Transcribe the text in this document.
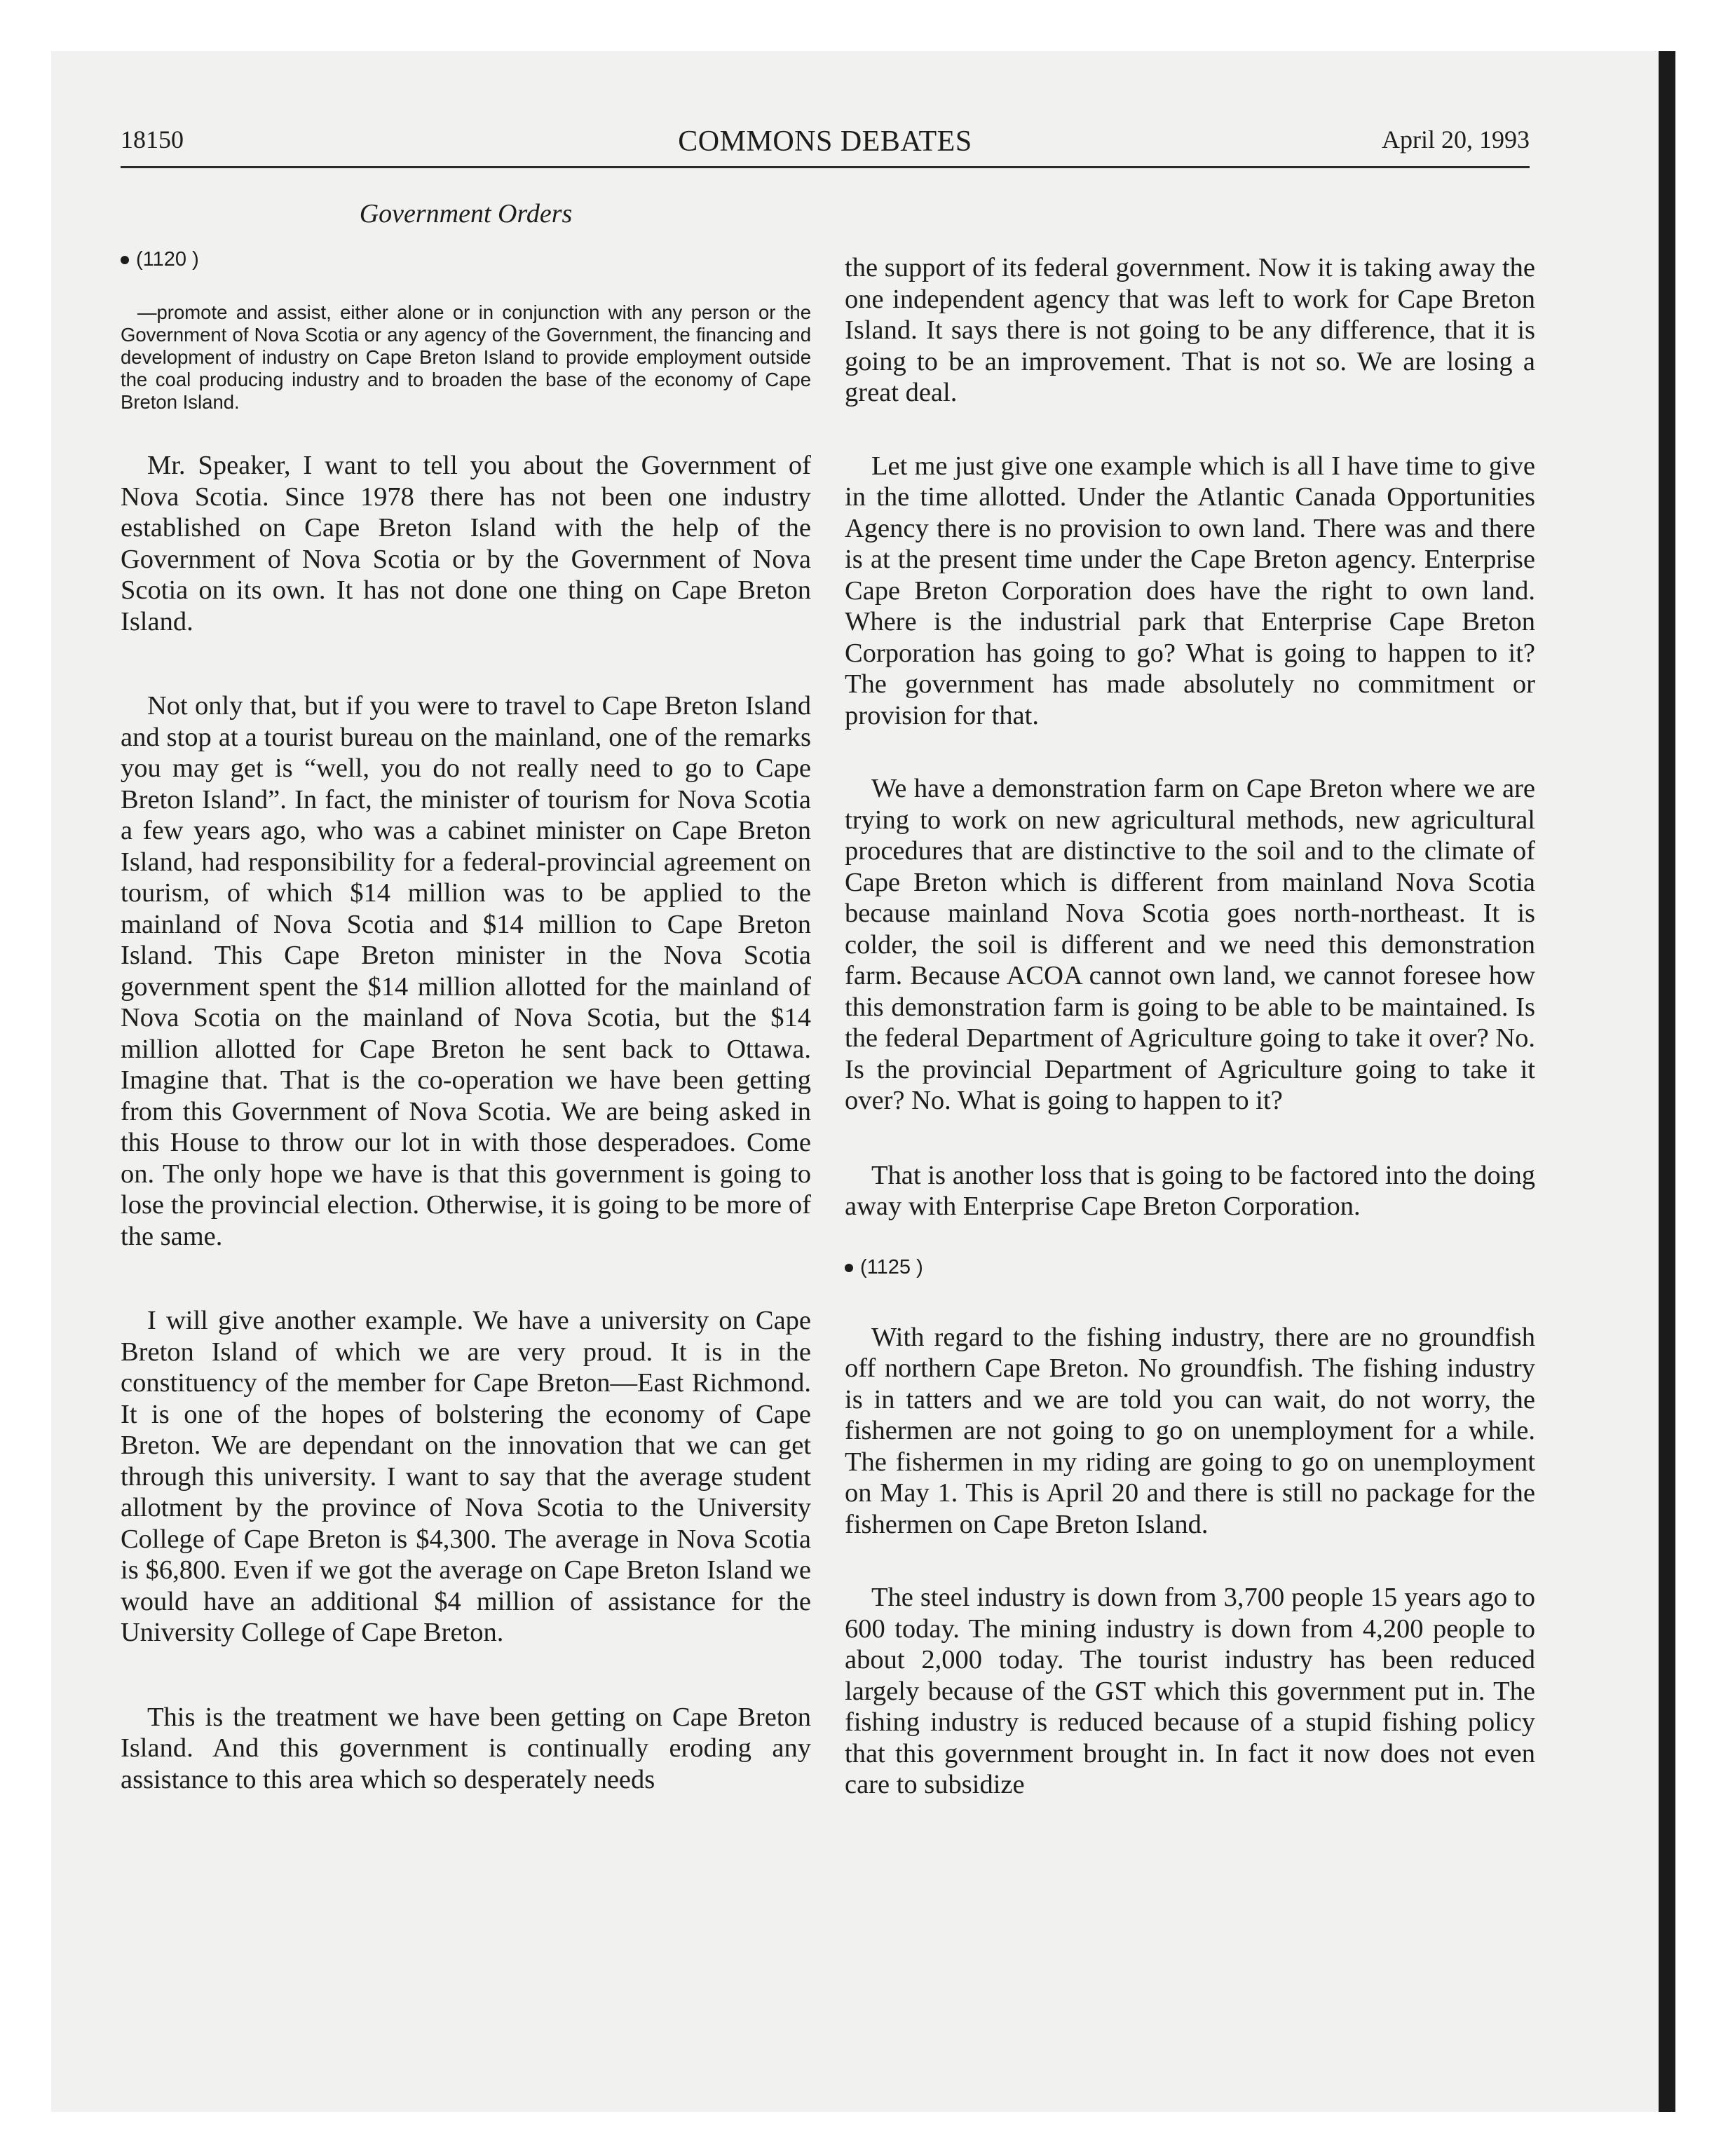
18150	COMMONS DEBATES	April 20, 1993
Government Orders
(1120 )

—promote and assist, either alone or in conjunction with any person or the Government of Nova Scotia or any agency of the Government, the financing and development of industry on Cape Breton Island to provide employment outside the coal producing industry and to broaden the base of the economy of Cape Breton Island.

Mr. Speaker, I want to tell you about the Government of Nova Scotia. Since 1978 there has not been one industry established on Cape Breton Island with the help of the Government of Nova Scotia or by the Government of Nova Scotia on its own. It has not done one thing on Cape Breton Island.

Not only that, but if you were to travel to Cape Breton Island and stop at a tourist bureau on the mainland, one of the remarks you may get is “well, you do not really need to go to Cape Breton Island”. In fact, the minister of tourism for Nova Scotia a few years ago, who was a cabinet minister on Cape Breton Island, had responsibility for a federal-provincial agreement on tourism, of which $14 million was to be applied to the mainland of Nova Scotia and $14 million to Cape Breton Island. This Cape Breton minister in the Nova Scotia government spent the $14 million allotted for the mainland of Nova Scotia on the mainland of Nova Scotia, but the $14 million allotted for Cape Breton he sent back to Ottawa. Imagine that. That is the co-operation we have been getting from this Government of Nova Scotia. We are being asked in this House to throw our lot in with those desperadoes. Come on. The only hope we have is that this government is going to lose the provincial election. Otherwise, it is going to be more of the same.

I will give another example. We have a university on Cape Breton Island of which we are very proud. It is in the constituency of the member for Cape Breton—East Richmond. It is one of the hopes of bolstering the economy of Cape Breton. We are dependant on the innovation that we can get through this university. I want to say that the average student allotment by the province of Nova Scotia to the University College of Cape Breton is $4,300. The average in Nova Scotia is $6,800. Even if we got the average on Cape Breton Island we would have an additional $4 million of assistance for the University College of Cape Breton.

This is the treatment we have been getting on Cape Breton Island. And this government is continually eroding any assistance to this area which so desperately needs

the support of its federal government. Now it is taking away the one independent agency that was left to work for Cape Breton Island. It says there is not going to be any difference, that it is going to be an improvement. That is not so. We are losing a great deal.

Let me just give one example which is all I have time to give in the time allotted. Under the Atlantic Canada Opportunities Agency there is no provision to own land. There was and there is at the present time under the Cape Breton agency. Enterprise Cape Breton Corporation does have the right to own land. Where is the industrial park that Enterprise Cape Breton Corporation has going to go? What is going to happen to it? The government has made absolutely no commitment or provision for that.

We have a demonstration farm on Cape Breton where we are trying to work on new agricultural methods, new agricultural procedures that are distinctive to the soil and to the climate of Cape Breton which is different from mainland Nova Scotia because mainland Nova Scotia goes north-northeast. It is colder, the soil is different and we need this demonstration farm. Because ACOA cannot own land, we cannot foresee how this demonstration farm is going to be able to be maintained. Is the federal Department of Agriculture going to take it over? No. Is the provincial Department of Agriculture going to take it over? No. What is going to happen to it?

That is another loss that is going to be factored into the doing away with Enterprise Cape Breton Corporation.

(1125 )

With regard to the fishing industry, there are no groundfish off northern Cape Breton. No groundfish. The fishing industry is in tatters and we are told you can wait, do not worry, the fishermen are not going to go on unemployment for a while. The fishermen in my riding are going to go on unemployment on May 1. This is April 20 and there is still no package for the fishermen on Cape Breton Island.

The steel industry is down from 3,700 people 15 years ago to 600 today. The mining industry is down from 4,200 people to about 2,000 today. The tourist industry has been reduced largely because of the GST which this government put in. The fishing industry is reduced because of a stupid fishing policy that this government brought in. In fact it now does not even care to subsidize
